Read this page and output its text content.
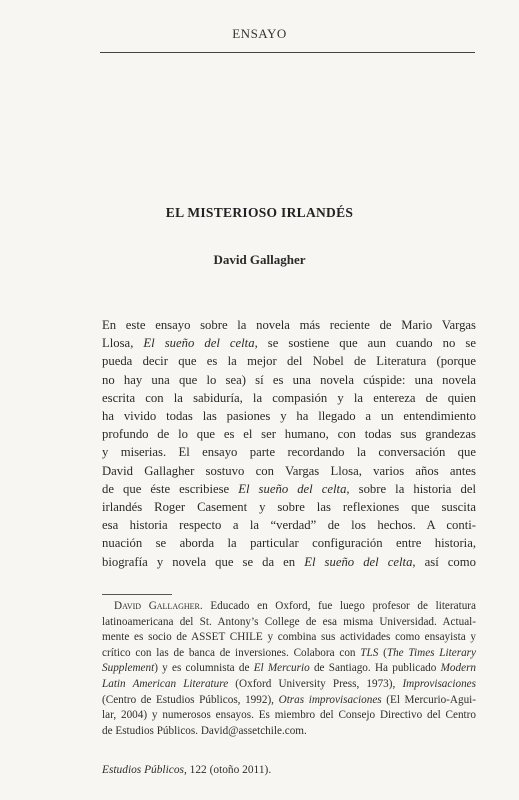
ENSAYO
EL MISTERIOSO IRLANDÉS
David Gallagher
En este ensayo sobre la novela más reciente de Mario Vargas
Llosa, El sueño del celta, se sostiene que aun cuando no se
pueda decir que es la mejor del Nobel de Literatura (porque
no hay una que lo sea) sí es una novela cúspide: una novela
escrita con la sabiduría, la compasión y la entereza de quien
ha vivido todas las pasiones y ha llegado a un entendimiento
profundo de lo que es el ser humano, con todas sus grandezas
y miserias. El ensayo parte recordando la conversación que
David Gallagher sostuvo con Vargas Llosa, varios años antes
de que éste escribiese El sueño del celta, sobre la historia del
irlandés Roger Casement y sobre las reflexiones que suscita
esa historia respecto a la “verdad” de los hechos. A conti-
nuación se aborda la particular configuración entre historia,
biografía y novela que se da en El sueño del celta, así como
David Gallagher. Educado en Oxford, fue luego profesor de literatura
latinoamericana del St. Antony’s College de esa misma Universidad. Actual-
mente es socio de ASSET CHILE y combina sus actividades como ensayista y
crítico con las de banca de inversiones. Colabora con TLS (The Times Literary
Supplement) y es columnista de El Mercurio de Santiago. Ha publicado Modern
Latin American Literature (Oxford University Press, 1973), Improvisaciones
(Centro de Estudios Públicos, 1992), Otras improvisaciones (El Mercurio-Agui-
lar, 2004) y numerosos ensayos. Es miembro del Consejo Directivo del Centro
de Estudios Públicos. David@assetchile.com.
Estudios Públicos, 122 (otoño 2011).
